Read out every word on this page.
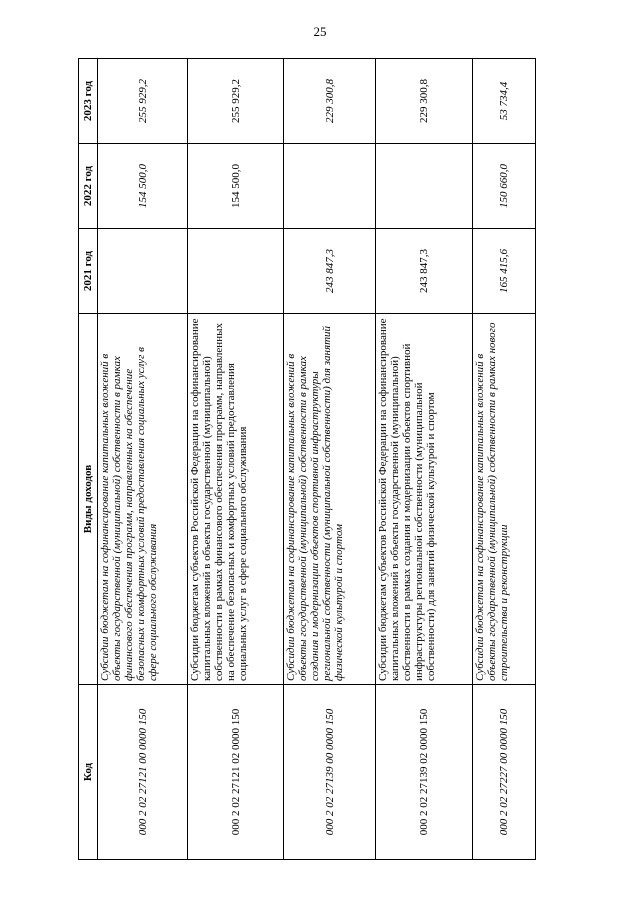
25
Код	Виды доходов	2021 год	2022 год	2023 год
000 2 02 27121 00 0000 150	Субсидии бюджетам на софинансирование капитальных вложений в объекты государственной (муниципальной) собственности в рамках финансового обеспечения программ, направленных на обеспечение безопасных и комфортных условий предоставления социальных услуг в сфере социального обслуживания		154 500,0	255 929,2
000 2 02 27121 02 0000 150	Субсидии бюджетам субъектов Российской Федерации на софинансирование капитальных вложений в объекты государственной (муниципальной) собственности в рамках финансового обеспечения программ, направленных на обеспечение безопасных и комфортных условий предоставления социальных услуг в сфере социального обслуживания		154 500,0	255 929,2
000 2 02 27139 00 0000 150	Субсидии бюджетам на софинансирование капитальных вложений в объекты государственной (муниципальной) собственности в рамках создания и модернизации объектов спортивной инфраструктуры региональной собственности (муниципальной собственности) для занятий физической культурой и спортом	243 847,3		229 300,8
000 2 02 27139 02 0000 150	Субсидии бюджетам субъектов Российской Федерации на софинансирование капитальных вложений в объекты государственной (муниципальной) собственности в рамках создания и модернизации объектов спортивной инфраструктуры региональной собственности (муниципальной собственности) для занятий физической культурой и спортом	243 847,3		229 300,8
000 2 02 27227 00 0000 150	Субсидии бюджетам на софинансирование капитальных вложений в объекты государственной (муниципальной) собственности в рамках нового строительства и реконструкции	165 415,6	150 660,0	53 734,4
